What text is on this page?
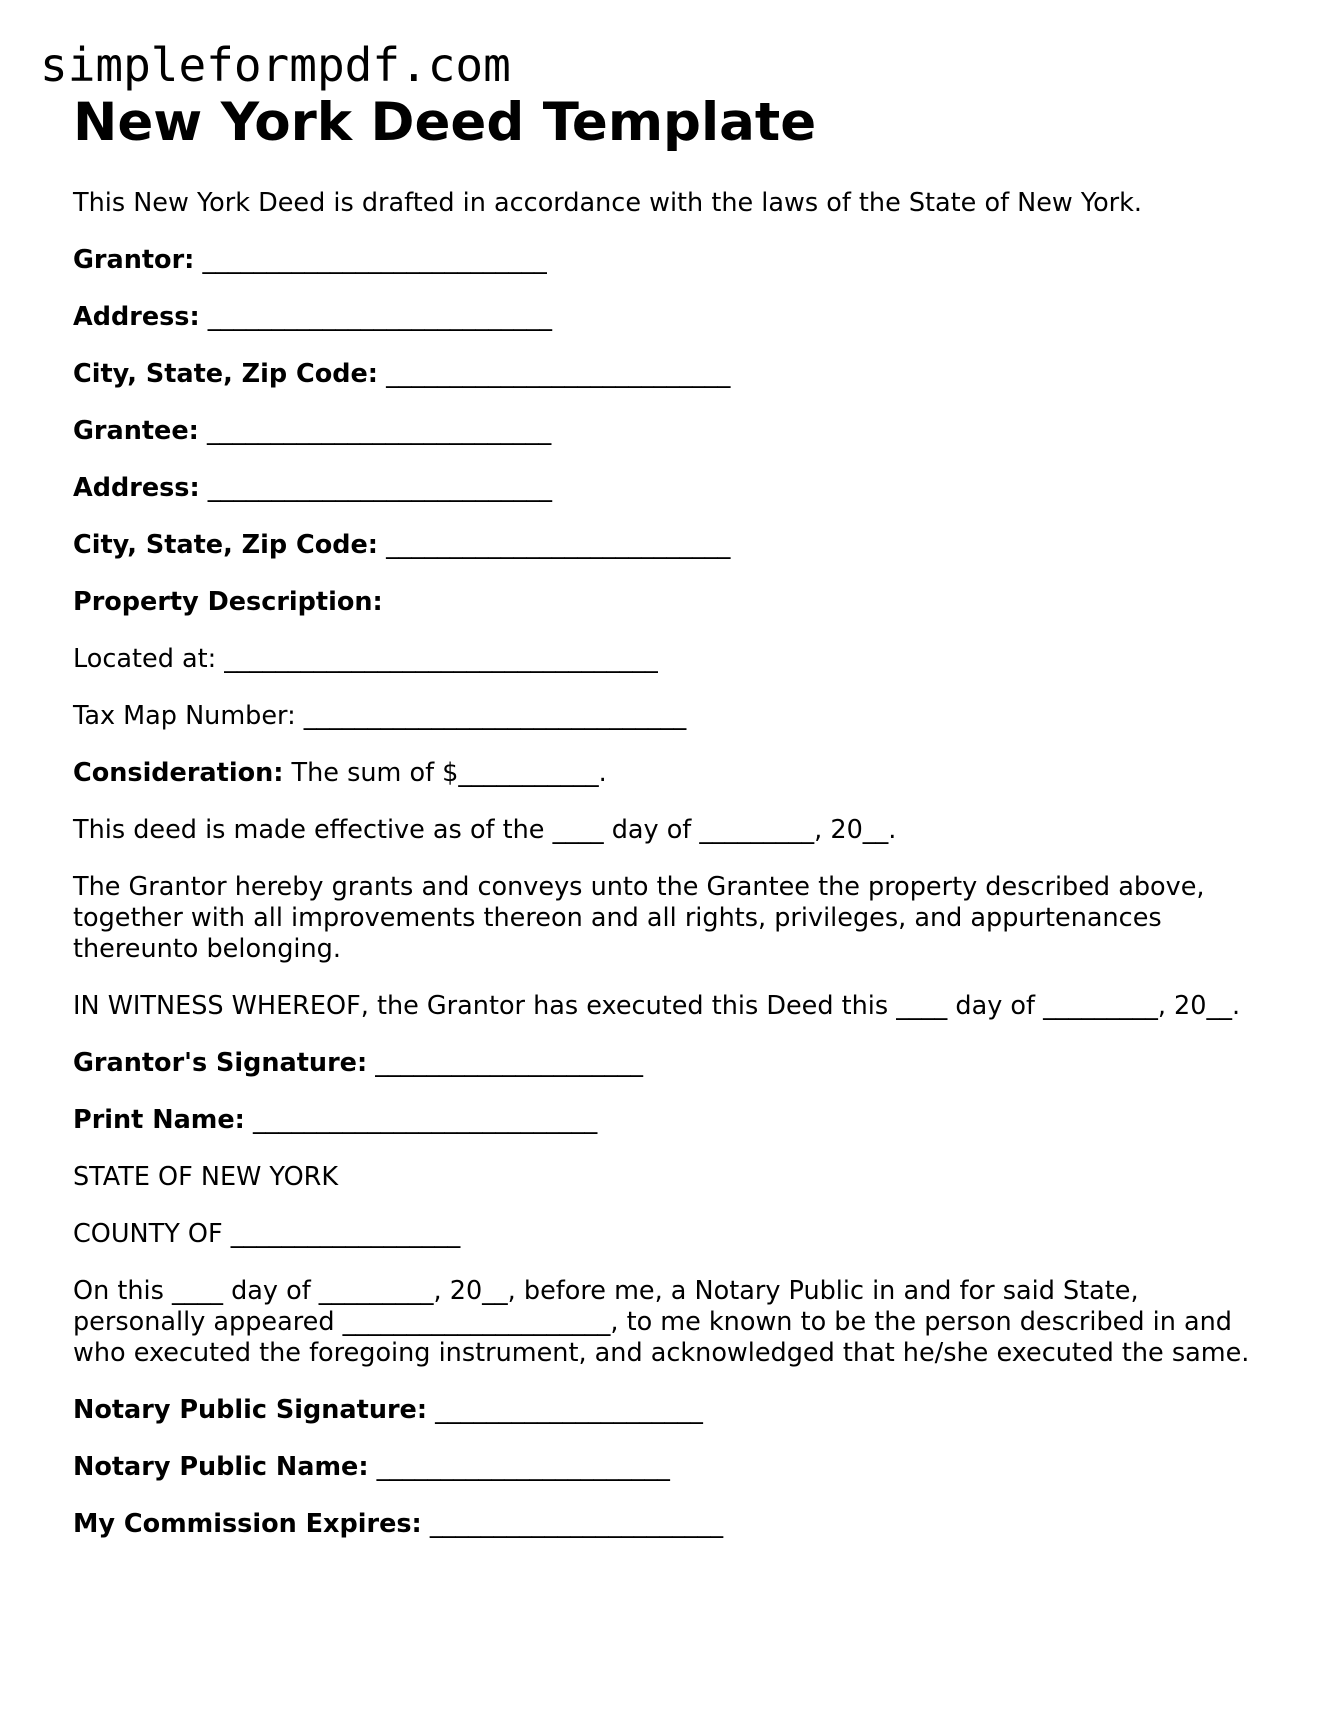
simpleformpdf.com
New York Deed Template

This New York Deed is drafted in accordance with the laws of the State of New York.

Grantor: ___________________________

Address: ___________________________

City, State, Zip Code: ___________________________

Grantee: ___________________________

Address: ___________________________

City, State, Zip Code: ___________________________

Property Description:

Located at: __________________________________

Tax Map Number: ______________________________

Consideration: The sum of $___________.

This deed is made effective as of the ____ day of _________, 20__.

The Grantor hereby grants and conveys unto the Grantee the property described above, together with all improvements thereon and all rights, privileges, and appurtenances thereunto belonging.

IN WITNESS WHEREOF, the Grantor has executed this Deed this ____ day of _________, 20__.

Grantor's Signature: _____________________

Print Name: ___________________________

STATE OF NEW YORK

COUNTY OF __________________

On this ____ day of _________, 20__, before me, a Notary Public in and for said State, personally appeared _____________________, to me known to be the person described in and who executed the foregoing instrument, and acknowledged that he/she executed the same.

Notary Public Signature: _____________________

Notary Public Name: _______________________

My Commission Expires: _______________________
